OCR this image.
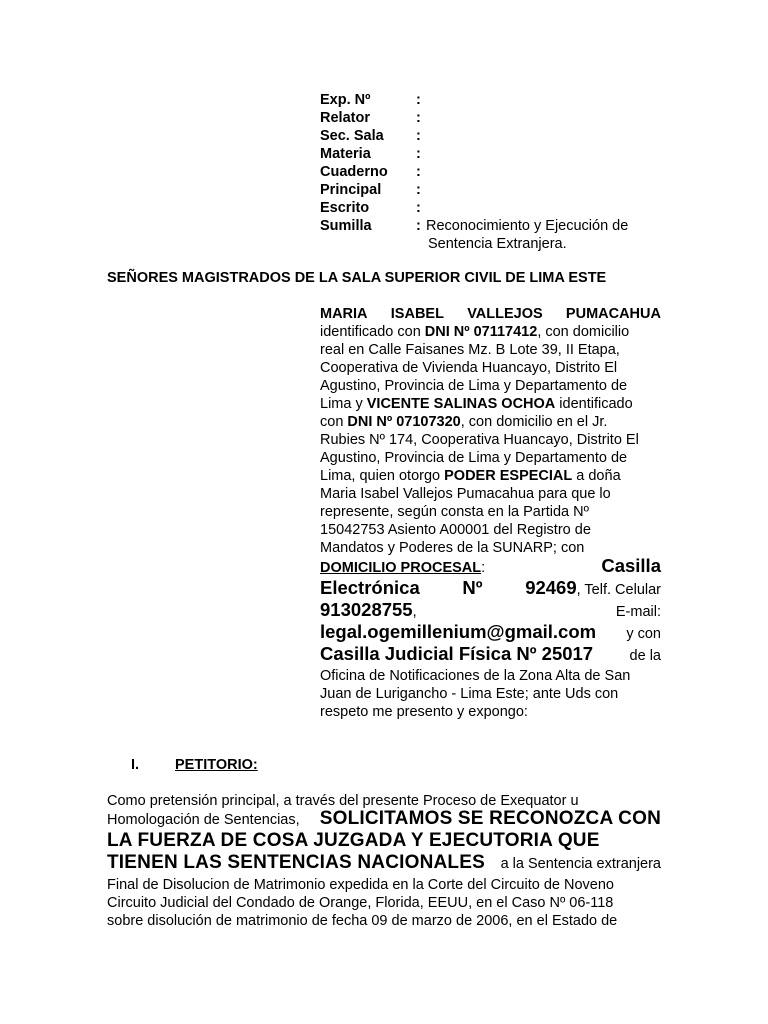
Exp. Nº	:
Relator	:
Sec. Sala	:
Materia	:
Cuaderno	:
Principal	:
Escrito	:
Sumilla	: Reconocimiento y Ejecución de
Sentencia Extranjera.
SEÑORES MAGISTRADOS DE LA SALA SUPERIOR CIVIL DE LIMA ESTE
MARIA ISABEL VALLEJOS PUMACAHUA
identificado con DNI Nº 07117412 , con domicilio
real en Calle Faisanes Mz. B Lote 39, II Etapa,
Cooperativa de Vivienda Huancayo, Distrito El
Agustino, Provincia de Lima y Departamento de
Lima y VICENTE SALINAS OCHOA identificado
con DNI Nº 07107320 , con domicilio en el Jr.
Rubies Nº 174, Cooperativa Huancayo, Distrito El
Agustino, Provincia de Lima y Departamento de
Lima, quien otorgo PODER ESPECIAL a doña
Maria Isabel Vallejos Pumacahua para que lo
represente, según consta en la Partida Nº
15042753 Asiento A00001 del Registro de
Mandatos y Poderes de la SUNARP; con
DOMICILIO PROCESAL:	Casilla
Electrónica Nº 92469, Telf. Celular
913028755,	E-mail:
legal.ogemillenium@gmail.com y con
Casilla Judicial Física Nº 25017 de la
Oficina de Notificaciones de la Zona Alta de San
Juan de Lurigancho - Lima Este; ante Uds con
respeto me presento y expongo:
I.	PETITORIO:
Como pretensión principal, a través del presente Proceso de Exequator u
Homologación de Sentencias, SOLICITAMOS SE RECONOZCA CON
LA FUERZA DE COSA JUZGADA Y EJECUTORIA QUE
TIENEN LAS SENTENCIAS NACIONALES a la Sentencia extranjera
Final de Disolucion de Matrimonio expedida en la Corte del Circuito de Noveno
Circuito Judicial del Condado de Orange, Florida, EEUU, en el Caso Nº 06-118
sobre disolución de matrimonio de fecha 09 de marzo de 2006, en el Estado de
